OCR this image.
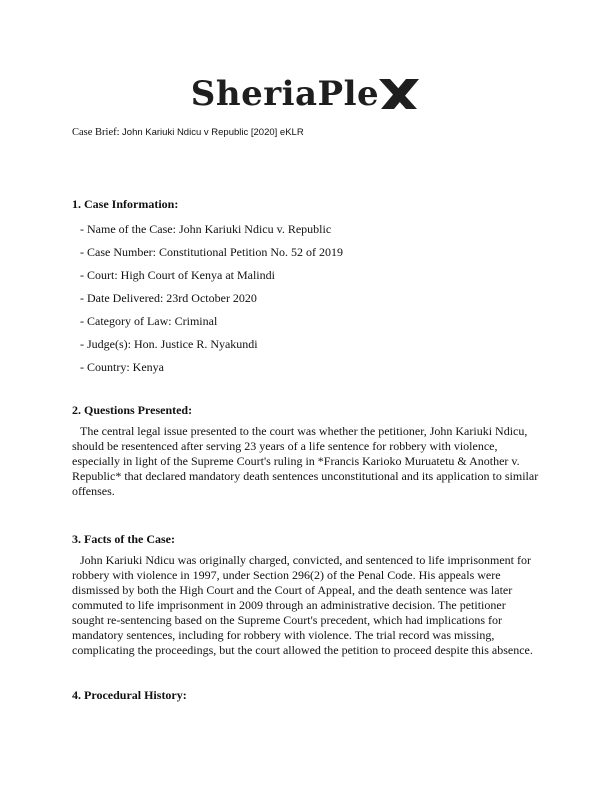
SheriaPle
Case Brief: John Kariuki Ndicu v Republic [2020] eKLR
1. Case Information:
- Name of the Case: John Kariuki Ndicu v. Republic
- Case Number: Constitutional Petition No. 52 of 2019
- Court: High Court of Kenya at Malindi
- Date Delivered: 23rd October 2020
- Category of Law: Criminal
- Judge(s): Hon. Justice R. Nyakundi
- Country: Kenya
2. Questions Presented:

The central legal issue presented to the court was whether the petitioner, John Kariuki Ndicu,
should be resentenced after serving 23 years of a life sentence for robbery with violence,
especially in light of the Supreme Court's ruling in *Francis Karioko Muruatetu & Another v.
Republic* that declared mandatory death sentences unconstitutional and its application to similar
offenses.

3. Facts of the Case:

John Kariuki Ndicu was originally charged, convicted, and sentenced to life imprisonment for
robbery with violence in 1997, under Section 296(2) of the Penal Code. His appeals were
dismissed by both the High Court and the Court of Appeal, and the death sentence was later
commuted to life imprisonment in 2009 through an administrative decision. The petitioner
sought re-sentencing based on the Supreme Court's precedent, which had implications for
mandatory sentences, including for robbery with violence. The trial record was missing,
complicating the proceedings, but the court allowed the petition to proceed despite this absence.

4. Procedural History:
